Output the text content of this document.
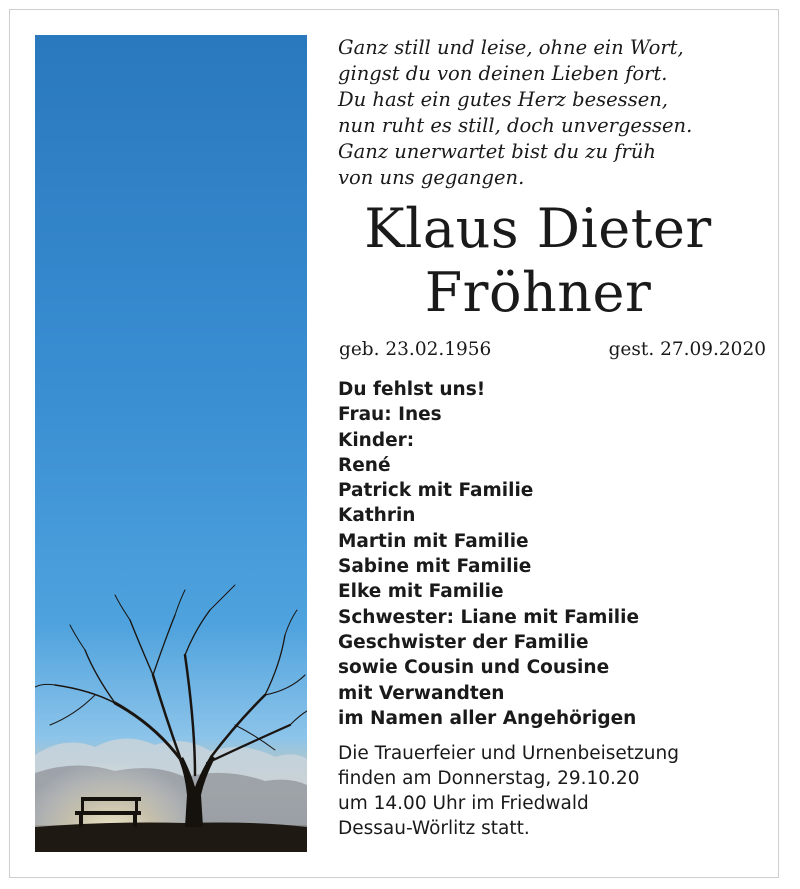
Ganz still und leise, ohne ein Wort,
gingst du von deinen Lieben fort.
Du hast ein gutes Herz besessen,
nun ruht es still, doch unvergessen.
Ganz unerwartet bist du zu früh
von uns gegangen.
Klaus Dieter
Fröhner
geb. 23.02.1956	gest. 27.09.2020
Du fehlst uns!
Frau: Ines
Kinder:
René
Patrick mit Familie
Kathrin
Martin mit Familie
Sabine mit Familie
Elke mit Familie
Schwester: Liane mit Familie
Geschwister der Familie
sowie Cousin und Cousine
mit Verwandten
im Namen aller Angehörigen
Die Trauerfeier und Urnenbeisetzung
finden am Donnerstag, 29.10.20
um 14.00 Uhr im Friedwald
Dessau-Wörlitz statt.
